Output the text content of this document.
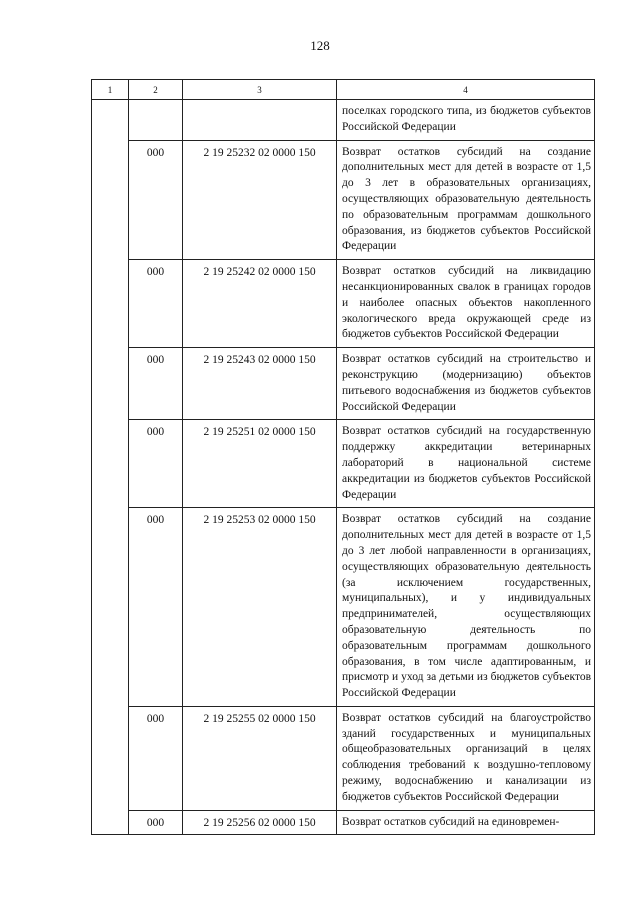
128
1	2	3	4
			поселках городского типа, из бюджетов субъектов Российской Федерации
	000	2 19 25232 02 0000 150	Возврат остатков субсидий на создание дополнительных мест для детей в возрасте от 1,5 до 3 лет в образовательных организациях, осуществляющих образовательную деятельность по образовательным программам дошкольного образования, из бюджетов субъектов Российской Федерации
	000	2 19 25242 02 0000 150	Возврат остатков субсидий на ликвидацию несанкционированных свалок в границах городов и наиболее опасных объектов накопленного экологического вреда окружающей среде из бюджетов субъектов Российской Федерации
	000	2 19 25243 02 0000 150	Возврат остатков субсидий на строительство и реконструкцию (модернизацию) объектов питьевого водоснабжения из бюджетов субъектов Российской Федерации
	000	2 19 25251 02 0000 150	Возврат остатков субсидий на государственную поддержку аккредитации ветеринарных лабораторий в национальной системе аккредитации из бюджетов субъектов Российской Федерации
	000	2 19 25253 02 0000 150	Возврат остатков субсидий на создание дополнительных мест для детей в возрасте от 1,5 до 3 лет любой направленности в организациях, осуществляющих образовательную деятельность (за исключением государственных, муниципальных), и у индивидуальных предпринимателей, осуществляющих образовательную деятельность по образовательным программам дошкольного образования, в том числе адаптированным, и присмотр и уход за детьми из бюджетов субъектов Российской Федерации
	000	2 19 25255 02 0000 150	Возврат остатков субсидий на благоустройство зданий государственных и муниципальных общеобразовательных организаций в целях соблюдения требований к воздушно-тепловому режиму, водоснабжению и канализации из бюджетов субъектов Российской Федерации
	000	2 19 25256 02 0000 150	Возврат остатков субсидий на единовремен-
